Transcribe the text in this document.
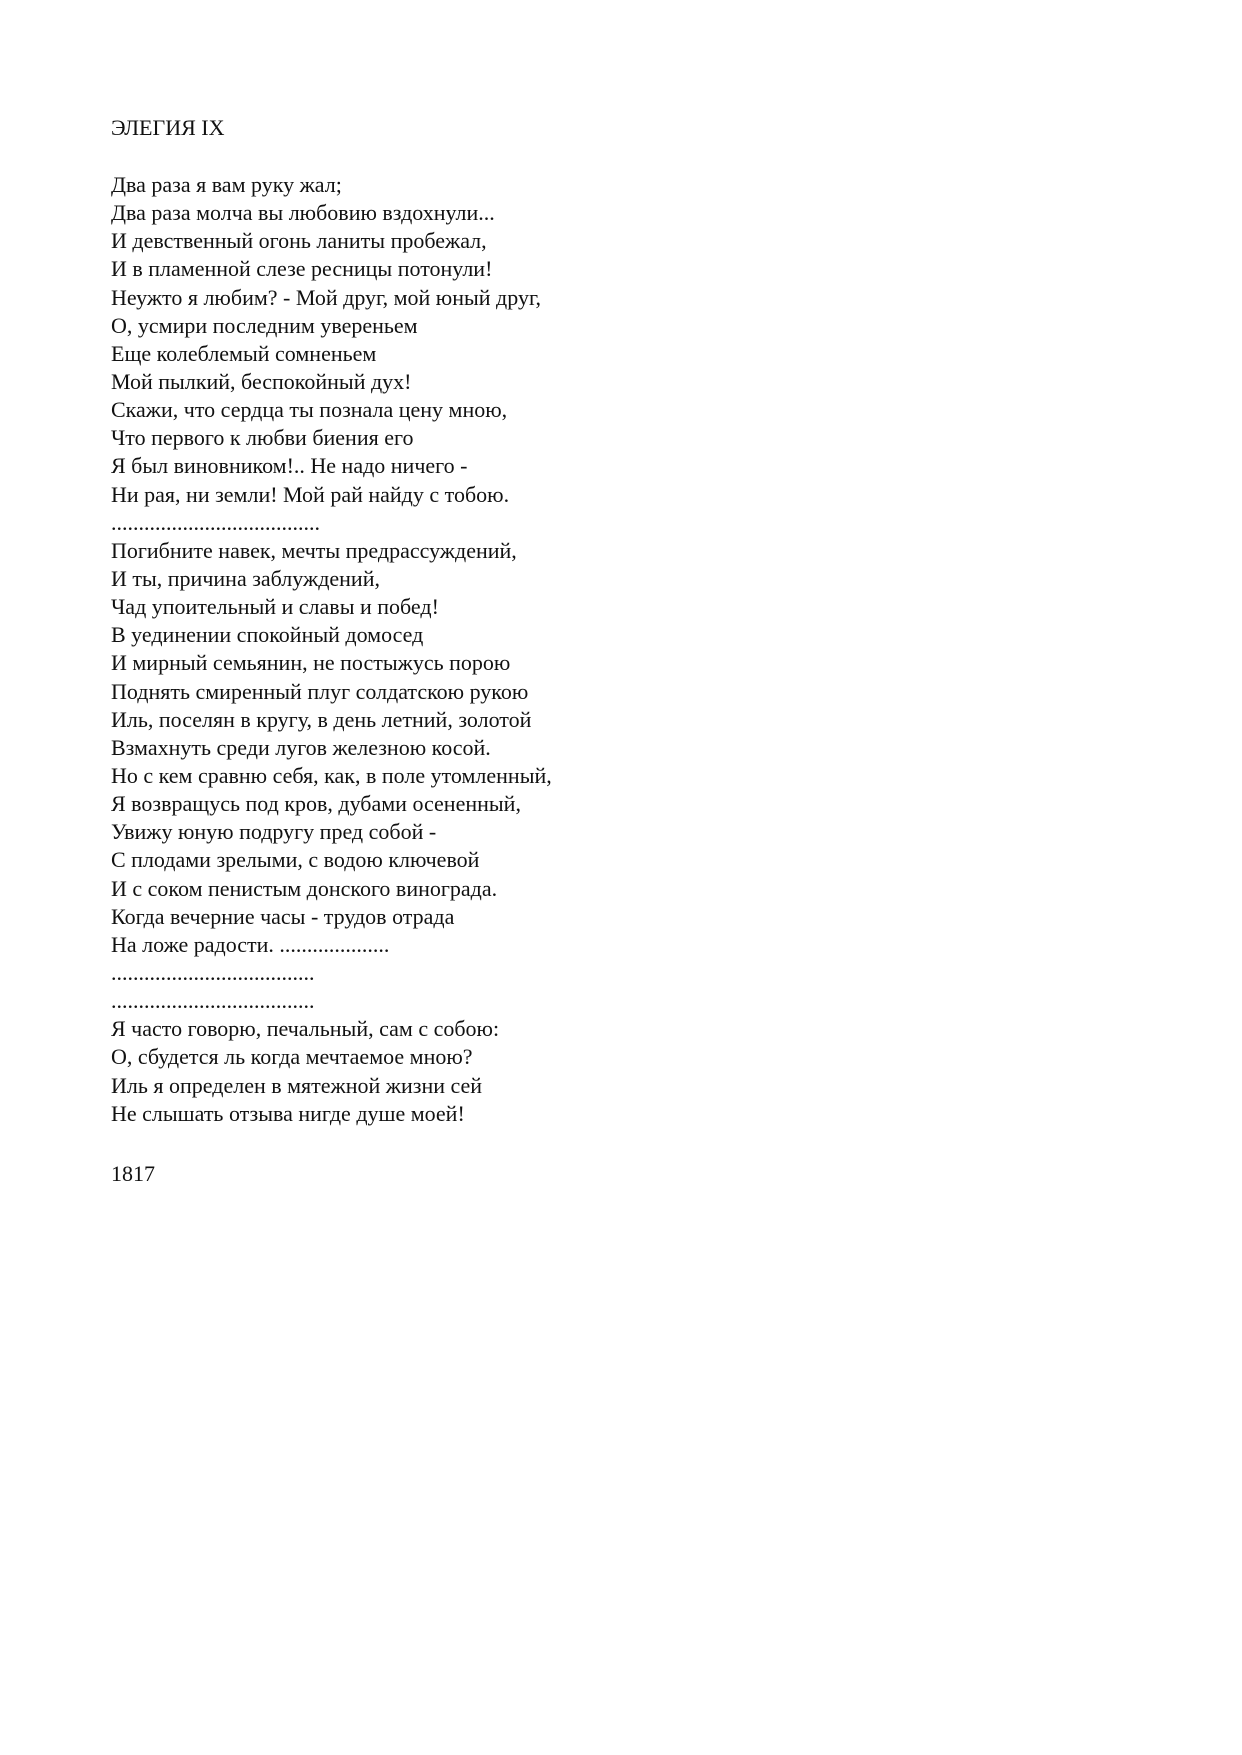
ЭЛЕГИЯ IX
Два раза я вам руку жал;
Два раза молча вы любовию вздохнули...
И девственный огонь ланиты пробежал,
И в пламенной слезе ресницы потонули!
Неужто я любим? - Мой друг, мой юный друг,
О, усмири последним увереньем
Еще колеблемый сомненьем
Мой пылкий, беспокойный дух!
Скажи, что сердца ты познала цену мною,
Что первого к любви биения его
Я был виновником!.. Не надо ничего -
Ни рая, ни земли! Мой рай найду с тобою.
......................................
Погибните навек, мечты предрассуждений,
И ты, причина заблуждений,
Чад упоительный и славы и побед!
В уединении спокойный домосед
И мирный семьянин, не постыжусь порою
Поднять смиренный плуг солдатскою рукою
Иль, поселян в кругу, в день летний, золотой
Взмахнуть среди лугов железною косой.
Но с кем сравню себя, как, в поле утомленный,
Я возвращусь под кров, дубами осененный,
Увижу юную подругу пред собой -
С плодами зрелыми, с водою ключевой
И с соком пенистым донского винограда.
Когда вечерние часы - трудов отрада
На ложе радости. ....................
.....................................
.....................................
Я часто говорю, печальный, сам с собою:
О, сбудется ль когда мечтаемое мною?
Иль я определен в мятежной жизни сей
Не слышать отзыва нигде душе моей!
1817
